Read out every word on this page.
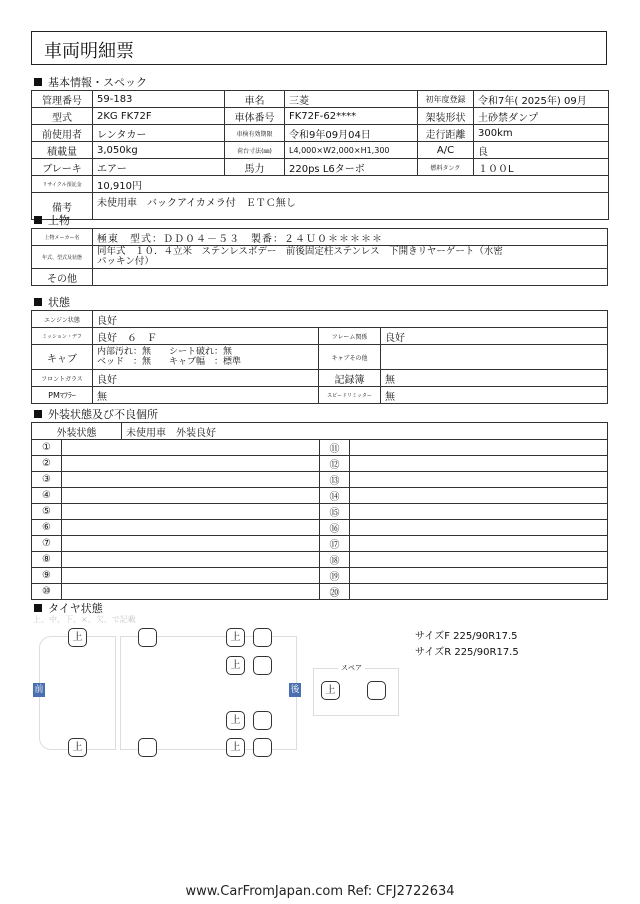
車両明細票
基本情報・スペック
管理番号	59-183	車名	三菱	初年度登録	令和7年( 2025年) 09月
型式	2KG FK72F	車体番号	FK72F-62****	架装形状	土砂禁ダンプ
前使用者	レンタカー	車検有効期限	令和9年09月04日	走行距離	300km
積載量	3,050kg	荷台寸法(㎜)	L4,000×W2,000×H1,300	A/C	良
ブレーキ	エアー	馬力	220ps L6ターボ	燃料タンク	１００L
リサイクル預託金	10,910円				
備考	未使用車　バックアイカメラ付　ＥＴＣ無し				
上物
上物メーカー名	極東　型式：ＤＤ０４－５３　製番：２４Ｕ０＊＊＊＊＊
年式、型式及状態	同年式　１０．４立米　ステンレスボデー　前後固定柱ステンレス　下開きリヤーゲート（水密
パッキン付）

その他	
状態
エンジン状態	良好		
ミッション・デフ	良好　６　Ｆ	フレーム関係	良好
キャブ	内部汚れ：無　　シート破れ：無
ベッド　：無　　キャブ幅　：標準	キャブその他	
フロントガラス	良好	記録簿	無
PMﾏﾌﾗｰ	無	スピードリミッター	無
外装状態及び不良個所
外装状態		未使用車　外装良好		
①			⑪	
②			⑫	
③			⑬	
④			⑭	
⑤			⑮	
⑥			⑯	
⑦			⑰	
⑧			⑱	
⑨			⑲	
⑩			⑳	
タイヤ状態
上、中、下、×、欠、で記載
スペア
前	後
上
上
上
上
上
上
上
サイズF 225/90R17.5
サイズR 225/90R17.5
www.CarFromJapan.com Ref: CFJ2722634
